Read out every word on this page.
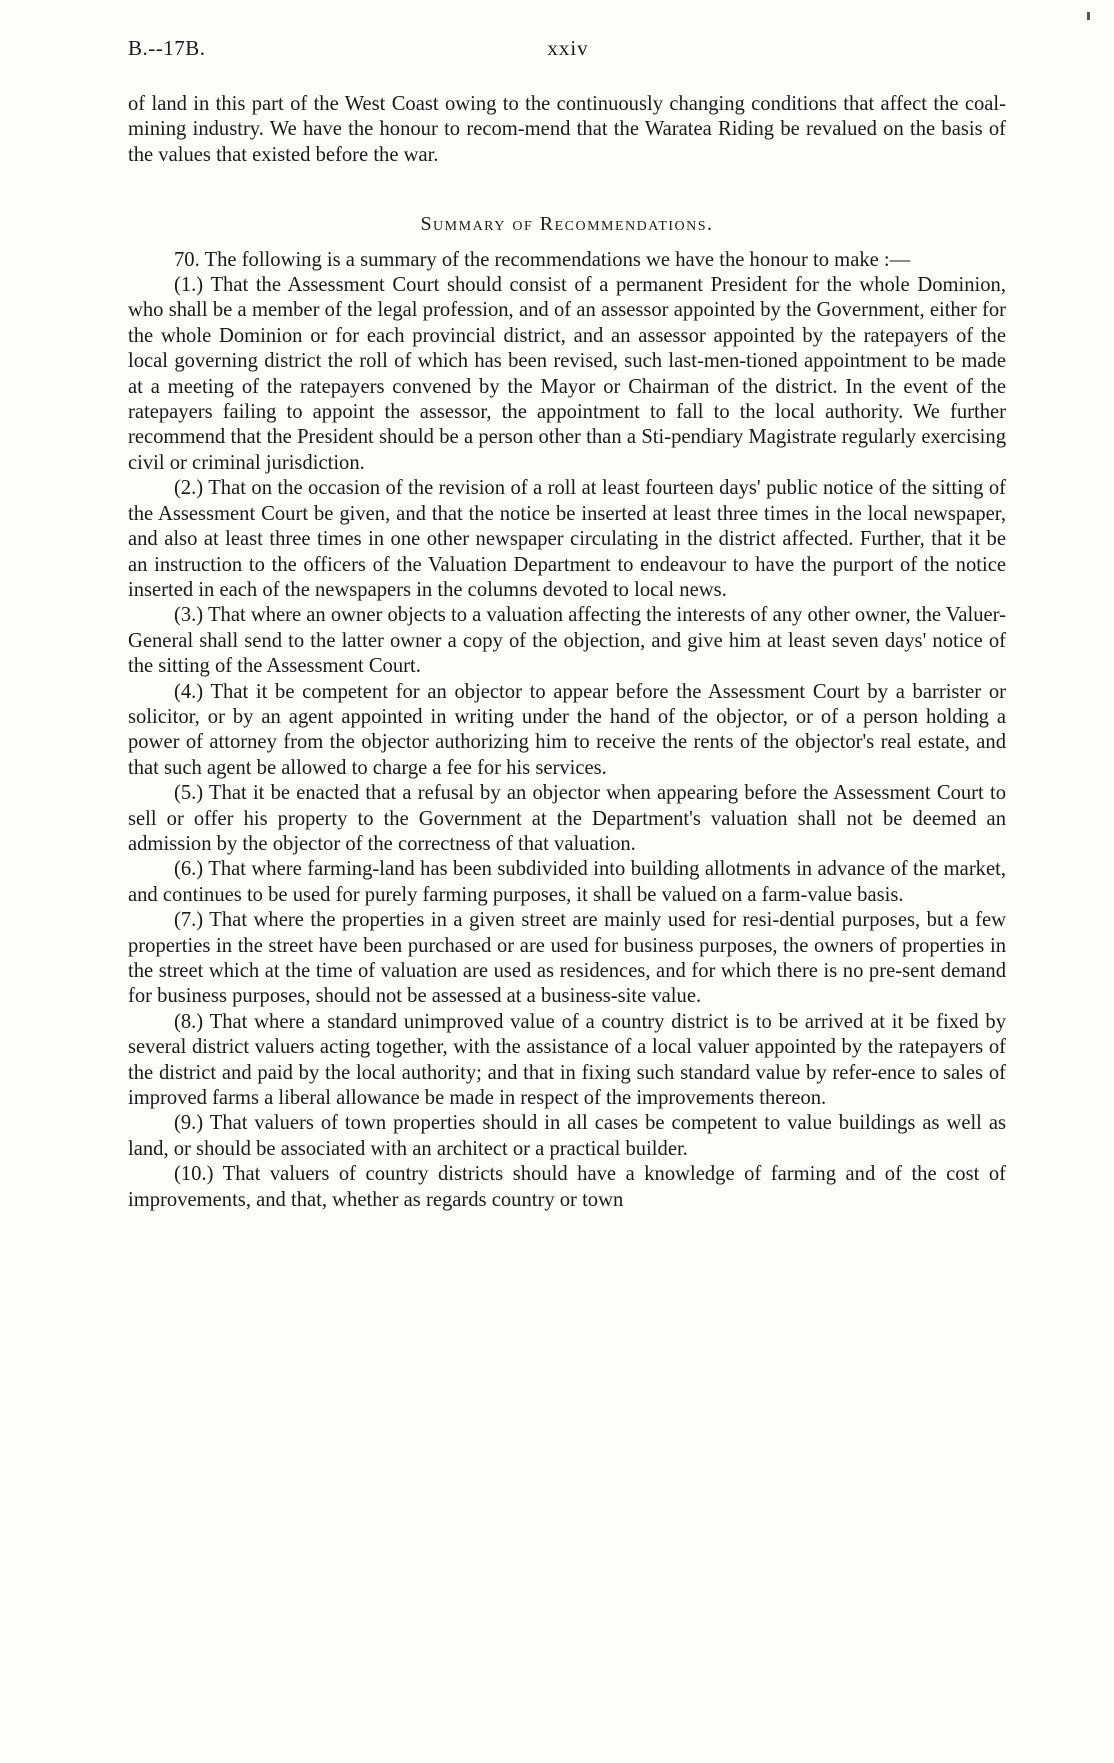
B.--17B.	xxiv

of land in this part of the West Coast owing to the continuously changing conditions that affect the coal-mining industry. We have the honour to recom-mend that the Waratea Riding be revalued on the basis of the values that existed before the war.

Summary of Recommendations.

70. The following is a summary of the recommendations we have the honour to make :—

(1.) That the Assessment Court should consist of a permanent President for the whole Dominion, who shall be a member of the legal profession, and of an assessor appointed by the Government, either for the whole Dominion or for each provincial district, and an assessor appointed by the ratepayers of the local governing district the roll of which has been revised, such last-men-tioned appointment to be made at a meeting of the ratepayers convened by the Mayor or Chairman of the district. In the event of the ratepayers failing to appoint the assessor, the appointment to fall to the local authority. We further recommend that the President should be a person other than a Sti-pendiary Magistrate regularly exercising civil or criminal jurisdiction.

(2.) That on the occasion of the revision of a roll at least fourteen days' public notice of the sitting of the Assessment Court be given, and that the notice be inserted at least three times in the local newspaper, and also at least three times in one other newspaper circulating in the district affected. Further, that it be an instruction to the officers of the Valuation Department to endeavour to have the purport of the notice inserted in each of the newspapers in the columns devoted to local news.

(3.) That where an owner objects to a valuation affecting the interests of any other owner, the Valuer-General shall send to the latter owner a copy of the objection, and give him at least seven days' notice of the sitting of the Assessment Court.

(4.) That it be competent for an objector to appear before the Assessment Court by a barrister or solicitor, or by an agent appointed in writing under the hand of the objector, or of a person holding a power of attorney from the objector authorizing him to receive the rents of the objector's real estate, and that such agent be allowed to charge a fee for his services.

(5.) That it be enacted that a refusal by an objector when appearing before the Assessment Court to sell or offer his property to the Government at the Department's valuation shall not be deemed an admission by the objector of the correctness of that valuation.

(6.) That where farming-land has been subdivided into building allotments in advance of the market, and continues to be used for purely farming purposes, it shall be valued on a farm-value basis.

(7.) That where the properties in a given street are mainly used for resi-dential purposes, but a few properties in the street have been purchased or are used for business purposes, the owners of properties in the street which at the time of valuation are used as residences, and for which there is no pre-sent demand for business purposes, should not be assessed at a business-site value.

(8.) That where a standard unimproved value of a country district is to be arrived at it be fixed by several district valuers acting together, with the assistance of a local valuer appointed by the ratepayers of the district and paid by the local authority; and that in fixing such standard value by refer-ence to sales of improved farms a liberal allowance be made in respect of the improvements thereon.

(9.) That valuers of town properties should in all cases be competent to value buildings as well as land, or should be associated with an architect or a practical builder.

(10.) That valuers of country districts should have a knowledge of farming and of the cost of improvements, and that, whether as regards country or town
